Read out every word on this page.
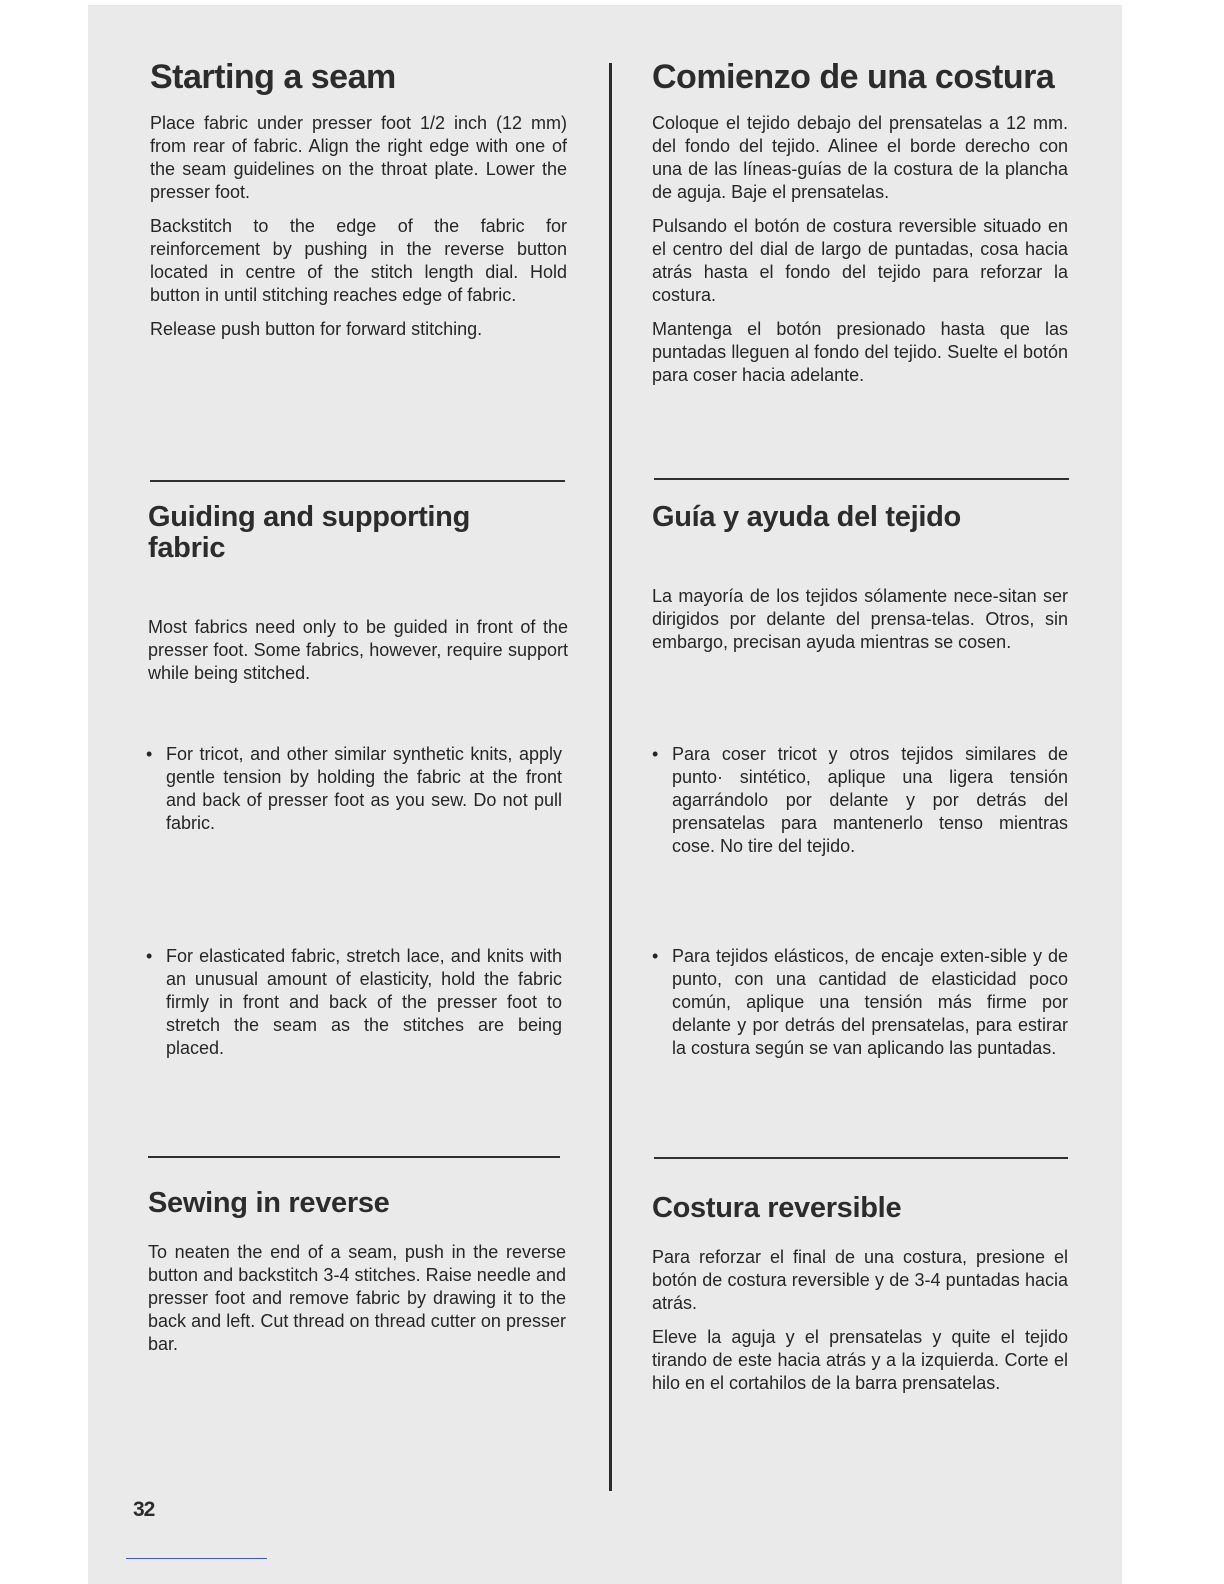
Starting a seam

Place fabric under presser foot 1/2 inch (12 mm) from rear of fabric. Align the right edge with one of the seam guidelines on the throat plate. Lower the presser foot.

Backstitch to the edge of the fabric for reinforcement by pushing in the reverse button located in centre of the stitch length dial. Hold button in until stitching reaches edge of fabric.

Release push button for forward stitching.

Guiding and supporting fabric

Most fabrics need only to be guided in front of the presser foot. Some fabrics, however, require support while being stitched.

• For tricot, and other similar synthetic knits, apply gentle tension by holding the fabric at the front and back of presser foot as you sew. Do not pull fabric.

• For elasticated fabric, stretch lace, and knits with an unusual amount of elasticity, hold the fabric firmly in front and back of the presser foot to stretch the seam as the stitches are being placed.

Sewing in reverse

To neaten the end of a seam, push in the reverse button and backstitch 3-4 stitches. Raise needle and presser foot and remove fabric by drawing it to the back and left. Cut thread on thread cutter on presser bar.

Comienzo de una costura

Coloque el tejido debajo del prensatelas a 12 mm. del fondo del tejido. Alinee el borde derecho con una de las líneas-guías de la costura de la plancha de aguja. Baje el prensatelas.

Pulsando el botón de costura reversible situado en el centro del dial de largo de puntadas, cosa hacia atrás hasta el fondo del tejido para reforzar la costura.

Mantenga el botón presionado hasta que las puntadas lleguen al fondo del tejido. Suelte el botón para coser hacia adelante.

Guía y ayuda del tejido

La mayoría de los tejidos sólamente nece-sitan ser dirigidos por delante del prensa-telas. Otros, sin embargo, precisan ayuda mientras se cosen.

• Para coser tricot y otros tejidos similares de punto· sintético, aplique una ligera tensión agarrándolo por delante y por detrás del prensatelas para mantenerlo tenso mientras cose. No tire del tejido.

• Para tejidos elásticos, de encaje exten-sible y de punto, con una cantidad de elasticidad poco común, aplique una tensión más firme por delante y por detrás del prensatelas, para estirar la costura según se van aplicando las puntadas.

Costura reversible

Para reforzar el final de una costura, presione el botón de costura reversible y de 3-4 puntadas hacia atrás.

Eleve la aguja y el prensatelas y quite el tejido tirando de este hacia atrás y a la izquierda. Corte el hilo en el cortahilos de la barra prensatelas.

32
